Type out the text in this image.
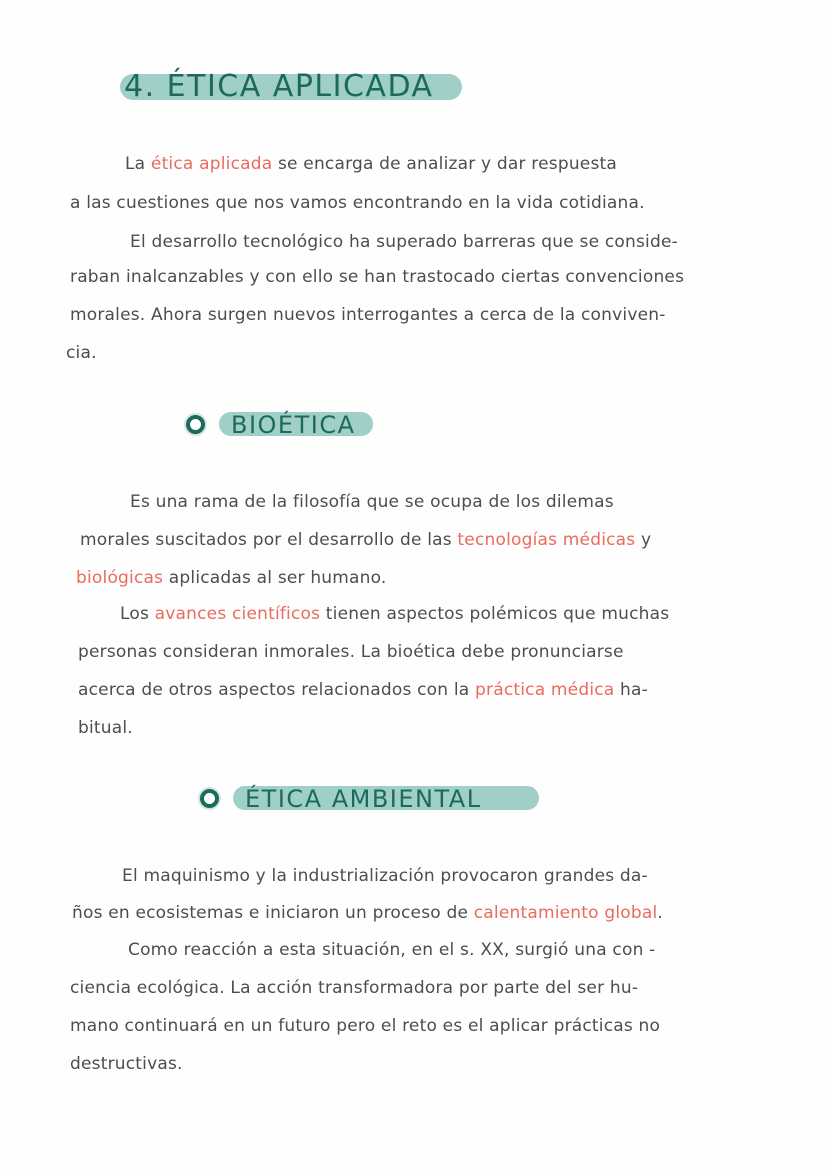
4. ÉTICA APLICADA
La ética aplicada se encarga de analizar y dar respuesta
a las cuestiones que nos vamos encontrando en la vida cotidiana.
El desarrollo tecnológico ha superado barreras que se conside-
raban inalcanzables y con ello se han trastocado ciertas convenciones
morales. Ahora surgen nuevos interrogantes a cerca de la conviven-
cia.
BIOÉTICA
Es una rama de la filosofía que se ocupa de los dilemas
morales suscitados por el desarrollo de las tecnologías médicas y
biológicas aplicadas al ser humano.
Los avances científicos tienen aspectos polémicos que muchas
personas consideran inmorales. La bioética debe pronunciarse
acerca de otros aspectos relacionados con la práctica médica ha-
bitual.
ÉTICA AMBIENTAL
El maquinismo y la industrialización provocaron grandes da-
ños en ecosistemas e iniciaron un proceso de calentamiento global.
Como reacción a esta situación, en el s. XX, surgió una con -
ciencia ecológica. La acción transformadora por parte del ser hu-
mano continuará en un futuro pero el reto es el aplicar prácticas no
destructivas.
